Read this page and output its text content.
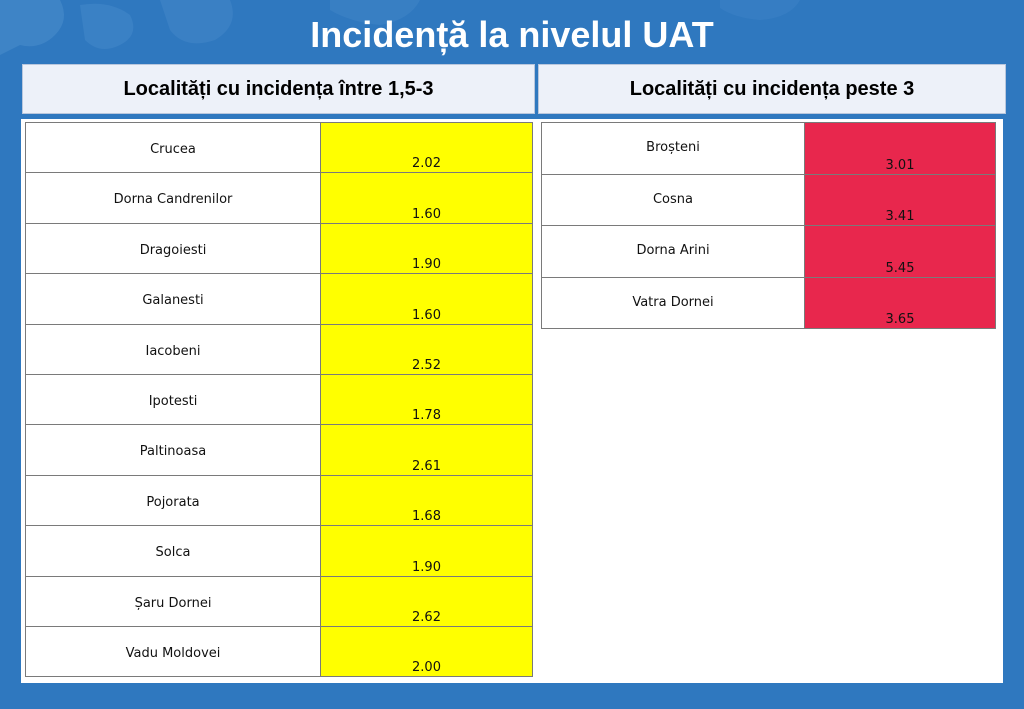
Incidență la nivelul UAT
Localități cu incidența între 1,5-3	Localități cu incidența peste 3
Crucea	2.02
Dorna Candrenilor	1.60
Dragoiesti	1.90
Galanesti	1.60
Iacobeni	2.52
Ipotesti	1.78
Paltinoasa	2.61
Pojorata	1.68
Solca	1.90
Șaru Dornei	2.62
Vadu Moldovei	2.00
Broșteni	3.01
Cosna	3.41
Dorna Arini	5.45
Vatra Dornei	3.65
